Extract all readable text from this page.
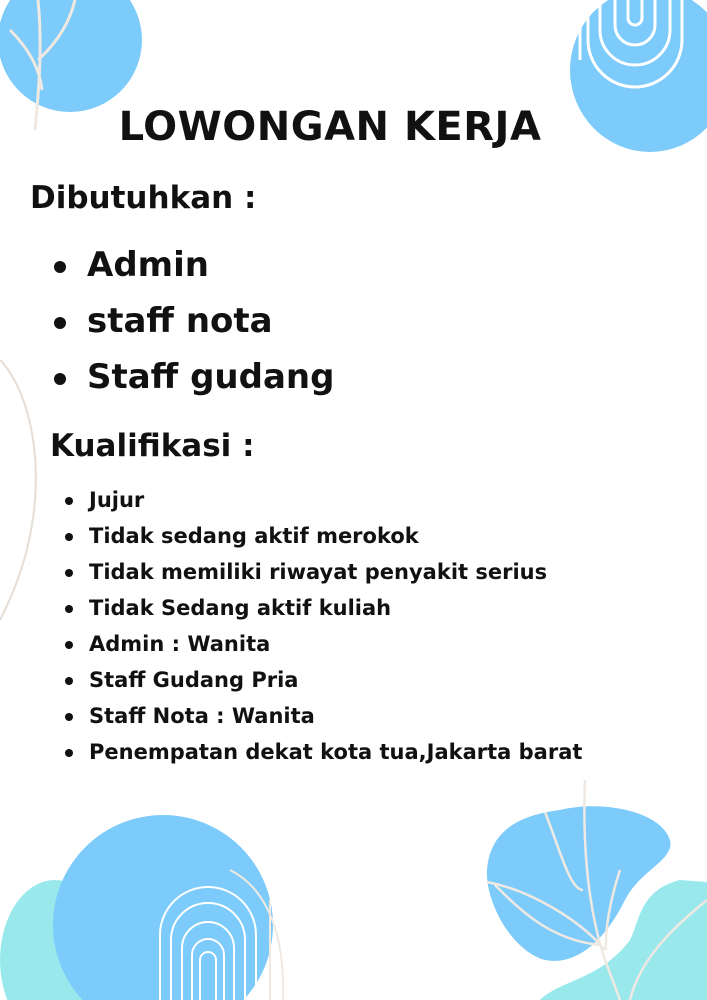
LOWONGAN KERJA
Dibutuhkan :
Admin
staff nota
Staff gudang
Kualifikasi :
Jujur
Tidak sedang aktif merokok
Tidak memiliki riwayat penyakit serius
Tidak Sedang aktif kuliah
Admin : Wanita
Staff Gudang Pria
Staff Nota : Wanita
Penempatan dekat kota tua,Jakarta barat
